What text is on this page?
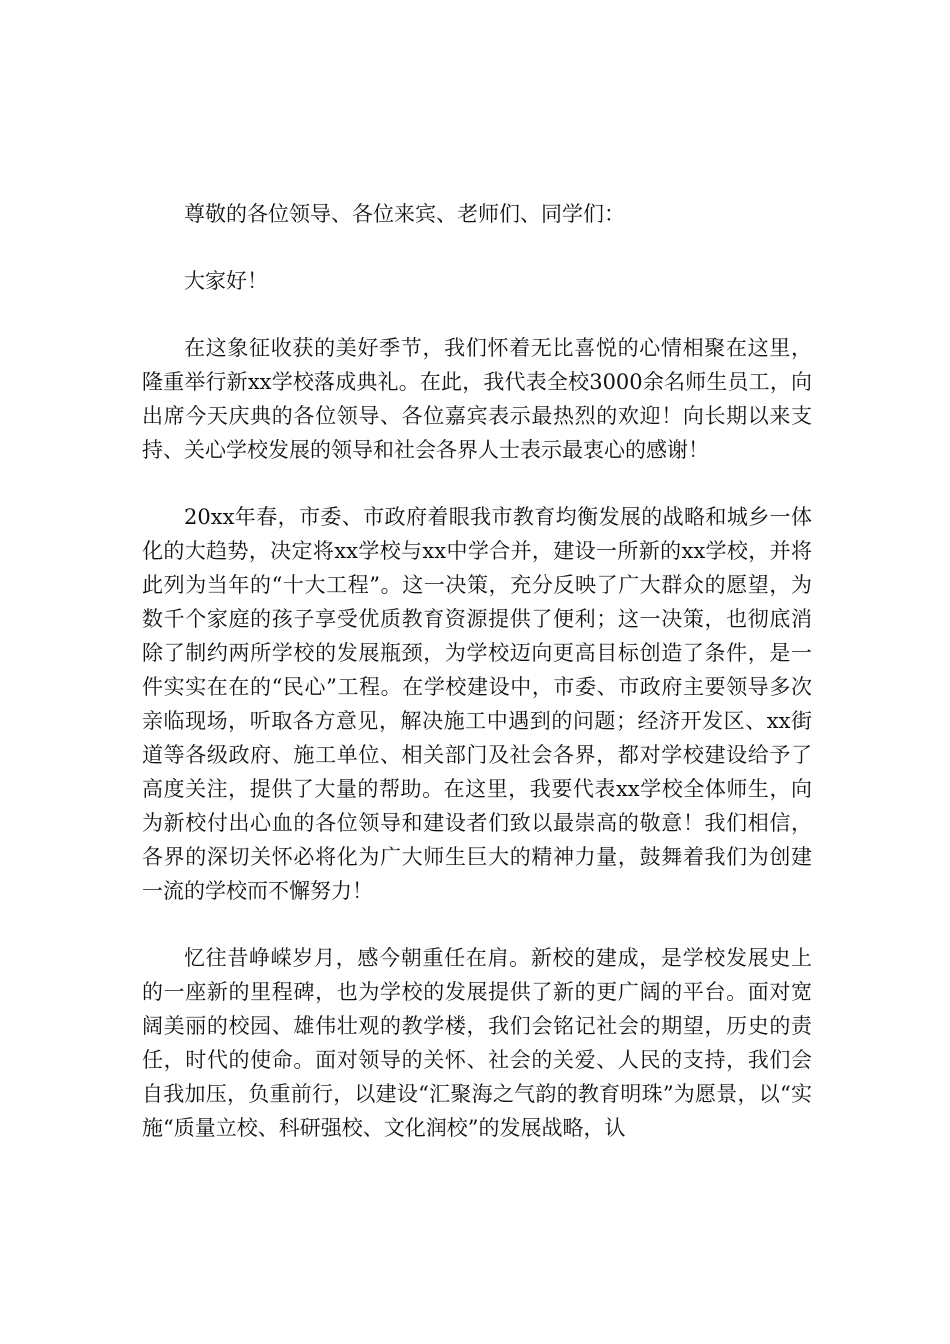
尊敬的各位领导、各位来宾、老师们、同学们：

大家好！

在这象征收获的美好季节，我们怀着无比喜悦的心情相聚在这里，隆重举行新xx学校落成典礼。在此，我代表全校3000余名师生员工，向出席今天庆典的各位领导、各位嘉宾表示最热烈的欢迎！向长期以来支持、关心学校发展的领导和社会各界人士表示最衷心的感谢！

20xx年春，市委、市政府着眼我市教育均衡发展的战略和城乡一体化的大趋势，决定将xx学校与xx中学合并，建设一所新的xx学校，并将此列为当年的“十大工程”。这一决策，充分反映了广大群众的愿望，为数千个家庭的孩子享受优质教育资源提供了便利；这一决策，也彻底消除了制约两所学校的发展瓶颈，为学校迈向更高目标创造了条件，是一件实实在在的“民心”工程。在学校建设中，市委、市政府主要领导多次亲临现场，听取各方意见，解决施工中遇到的问题；经济开发区、xx街道等各级政府、施工单位、相关部门及社会各界，都对学校建设给予了高度关注，提供了大量的帮助。在这里，我要代表xx学校全体师生，向为新校付出心血的各位领导和建设者们致以最崇高的敬意！我们相信，各界的深切关怀必将化为广大师生巨大的精神力量，鼓舞着我们为创建一流的学校而不懈努力！

忆往昔峥嵘岁月，感今朝重任在肩。新校的建成，是学校发展史上的一座新的里程碑，也为学校的发展提供了新的更广阔的平台。面对宽阔美丽的校园、雄伟壮观的教学楼，我们会铭记社会的期望，历史的责任，时代的使命。面对领导的关怀、社会的关爱、人民的支持，我们会自我加压，负重前行，以建设“汇聚海之气韵的教育明珠”为愿景，以“实施“质量立校、科研强校、文化润校”的发展战略，认
